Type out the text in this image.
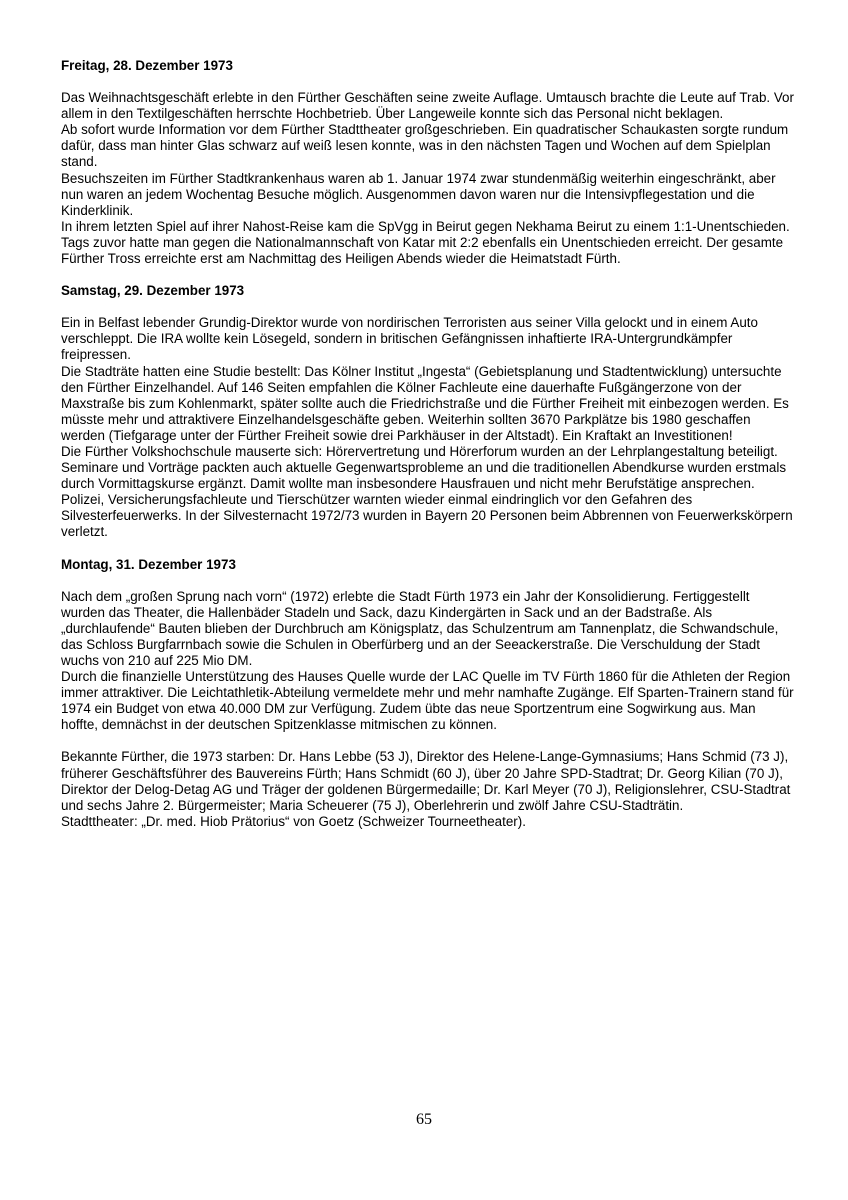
Freitag, 28. Dezember 1973

Das Weihnachtsgeschäft erlebte in den Fürther Geschäften seine zweite Auflage. Umtausch brachte die Leute auf Trab. Vor allem in den Textilgeschäften herrschte Hochbetrieb. Über Langeweile konnte sich das Personal nicht beklagen.

Ab sofort wurde Information vor dem Fürther Stadttheater großgeschrieben. Ein quadratischer Schaukasten sorgte rundum dafür, dass man hinter Glas schwarz auf weiß lesen konnte, was in den nächsten Tagen und Wochen auf dem Spielplan stand.

Besuchszeiten im Fürther Stadtkrankenhaus waren ab 1. Januar 1974 zwar stundenmäßig weiterhin eingeschränkt, aber nun waren an jedem Wochentag Besuche möglich. Ausgenommen davon waren nur die Intensivpflegestation und die Kinderklinik.

In ihrem letzten Spiel auf ihrer Nahost-Reise kam die SpVgg in Beirut gegen Nekhama Beirut zu einem 1:1-Unentschieden. Tags zuvor hatte man gegen die Nationalmannschaft von Katar mit 2:2 ebenfalls ein Unentschieden erreicht. Der gesamte Fürther Tross erreichte erst am Nachmittag des Heiligen Abends wieder die Heimatstadt Fürth.

Samstag, 29. Dezember 1973

Ein in Belfast lebender Grundig-Direktor wurde von nordirischen Terroristen aus seiner Villa gelockt und in einem Auto verschleppt. Die IRA wollte kein Lösegeld, sondern in britischen Gefängnissen inhaftierte IRA-Untergrundkämpfer freipressen.

Die Stadträte hatten eine Studie bestellt: Das Kölner Institut „Ingesta“ (Gebietsplanung und Stadtentwicklung) untersuchte den Fürther Einzelhandel. Auf 146 Seiten empfahlen die Kölner Fachleute eine dauerhafte Fußgängerzone von der Maxstraße bis zum Kohlenmarkt, später sollte auch die Friedrichstraße und die Fürther Freiheit mit einbezogen werden. Es müsste mehr und attraktivere Einzelhandelsgeschäfte geben. Weiterhin sollten 3670 Parkplätze bis 1980 geschaffen werden (Tiefgarage unter der Fürther Freiheit sowie drei Parkhäuser in der Altstadt). Ein Kraftakt an Investitionen!

Die Fürther Volkshochschule mauserte sich: Hörervertretung und Hörerforum wurden an der Lehrplangestaltung beteiligt. Seminare und Vorträge packten auch aktuelle Gegenwartsprobleme an und die traditionellen Abendkurse wurden erstmals durch Vormittagskurse ergänzt. Damit wollte man insbesondere Hausfrauen und nicht mehr Berufstätige ansprechen.

Polizei, Versicherungsfachleute und Tierschützer warnten wieder einmal eindringlich vor den Gefahren des Silvesterfeuerwerks. In der Silvesternacht 1972/73 wurden in Bayern 20 Personen beim Abbrennen von Feuerwerkskörpern verletzt.

Montag, 31. Dezember 1973

Nach dem „großen Sprung nach vorn“ (1972) erlebte die Stadt Fürth 1973 ein Jahr der Konsolidierung. Fertiggestellt wurden das Theater, die Hallenbäder Stadeln und Sack, dazu Kindergärten in Sack und an der Badstraße. Als „durchlaufende“ Bauten blieben der Durchbruch am Königsplatz, das Schulzentrum am Tannenplatz, die Schwandschule, das Schloss Burgfarrnbach sowie die Schulen in Oberfürberg und an der Seeackerstraße. Die Verschuldung der Stadt wuchs von 210 auf 225 Mio DM.

Durch die finanzielle Unterstützung des Hauses Quelle wurde der LAC Quelle im TV Fürth 1860 für die Athleten der Region immer attraktiver. Die Leichtathletik-Abteilung vermeldete mehr und mehr namhafte Zugänge. Elf Sparten-Trainern stand für 1974 ein Budget von etwa 40.000 DM zur Verfügung. Zudem übte das neue Sportzentrum eine Sogwirkung aus. Man hoffte, demnächst in der deutschen Spitzenklasse mitmischen zu können.

Bekannte Fürther, die 1973 starben: Dr. Hans Lebbe (53 J), Direktor des Helene-Lange-Gymnasiums; Hans Schmid (73 J), früherer Geschäftsführer des Bauvereins Fürth; Hans Schmidt (60 J), über 20 Jahre SPD-Stadtrat; Dr. Georg Kilian (70 J), Direktor der Delog-Detag AG und Träger der goldenen Bürgermedaille; Dr. Karl Meyer (70 J), Religionslehrer, CSU-Stadtrat und sechs Jahre 2. Bürgermeister; Maria Scheuerer (75 J), Oberlehrerin und zwölf Jahre CSU-Stadträtin.

Stadttheater: „Dr. med. Hiob Prätorius“ von Goetz (Schweizer Tourneetheater).

65
